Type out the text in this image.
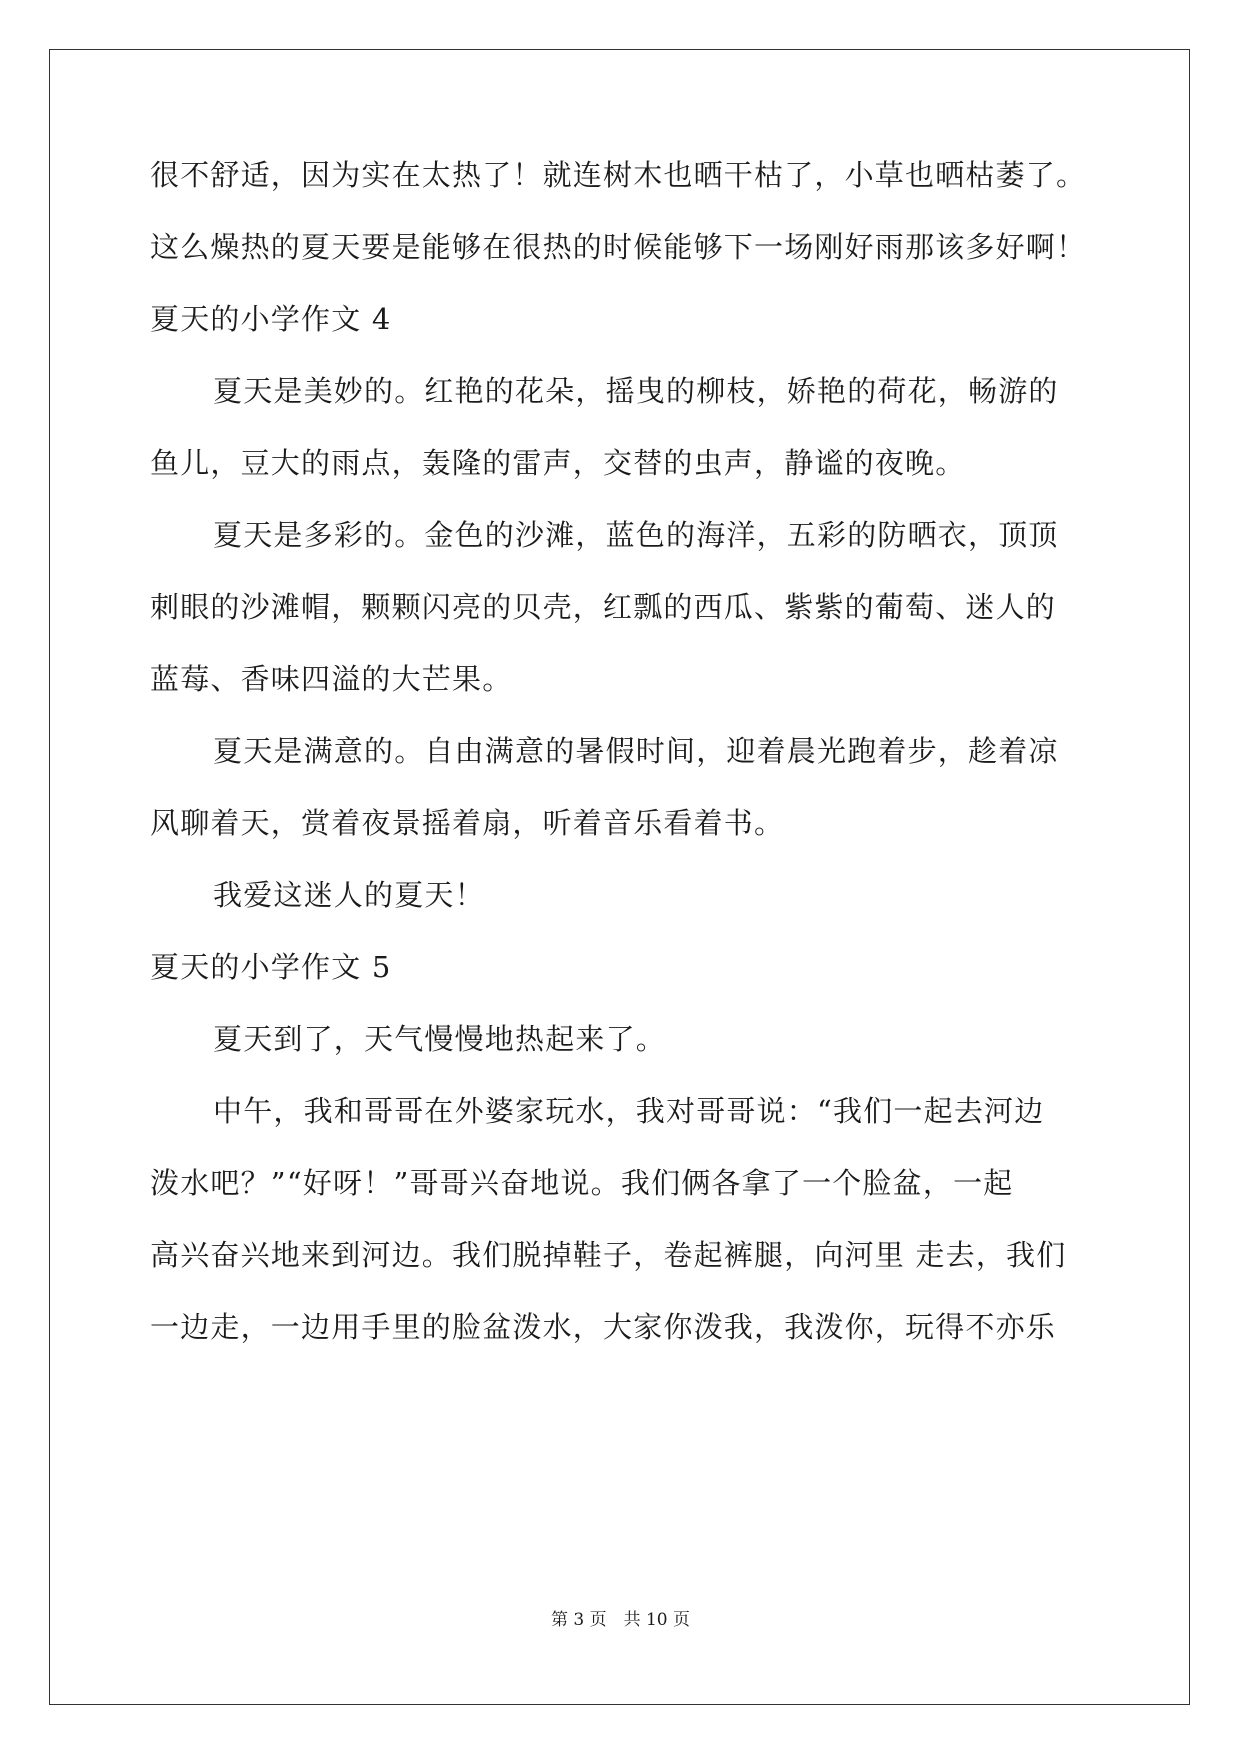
很不舒适，因为实在太热了！就连树木也晒干枯了，小草也晒枯萎了。
这么燥热的夏天要是能够在很热的时候能够下一场刚好雨那该多好啊！
夏天的小学作文 4
夏天是美妙的。红艳的花朵，摇曳的柳枝，娇艳的荷花，畅游的
鱼儿，豆大的雨点，轰隆的雷声，交替的虫声，静谧的夜晚。
夏天是多彩的。金色的沙滩，蓝色的海洋，五彩的防晒衣，顶顶
刺眼的沙滩帽，颗颗闪亮的贝壳，红瓢的西瓜、紫紫的葡萄、迷人的
蓝莓、香味四溢的大芒果。
夏天是满意的。自由满意的暑假时间，迎着晨光跑着步，趁着凉
风聊着天，赏着夜景摇着扇，听着音乐看着书。
我爱这迷人的夏天！
夏天的小学作文 5
夏天到了，天气慢慢地热起来了。
中午，我和哥哥在外婆家玩水，我对哥哥说：“我们一起去河边
泼水吧？”“好呀！”哥哥兴奋地说。我们俩各拿了一个脸盆，一起
高兴奋兴地来到河边。我们脱掉鞋子，卷起裤腿，向河里 走去，我们
一边走，一边用手里的脸盆泼水，大家你泼我，我泼你，玩得不亦乐
第 3 页　共 10 页
